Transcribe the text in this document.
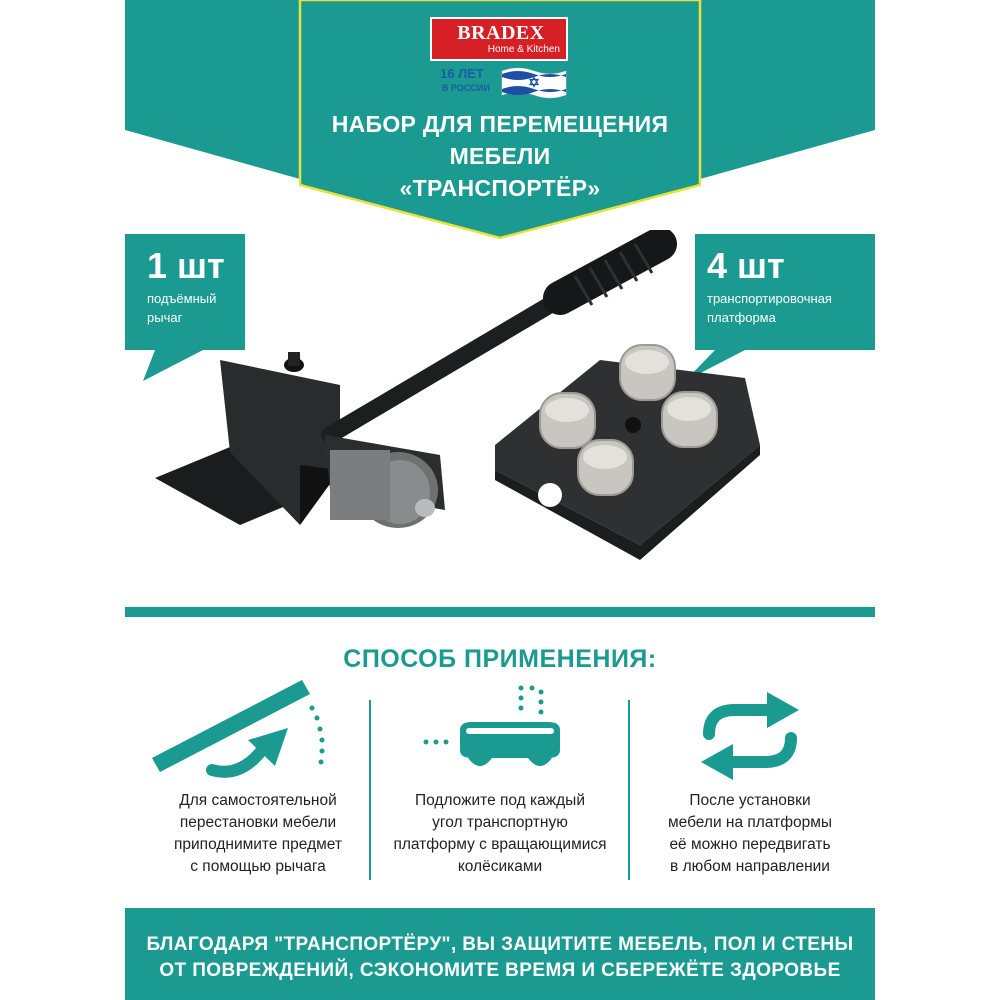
BRADEX
Home & Kitchen
16 ЛЕТ
В РОССИИ
НАБОР ДЛЯ ПЕРЕМЕЩЕНИЯ
МЕБЕЛИ
«ТРАНСПОРТЁР»
1 шт
подъёмный
рычаг
4 шт
транспортировочная
платформа
СПОСОБ ПРИМЕНЕНИЯ:
Для самостоятельной
перестановки мебели
приподнимите предмет
с помощью рычага
Подложите под каждый
угол транспортную
платформу с вращающимися
колёсиками
После установки
мебели на платформы
её можно передвигать
в любом направлении
БЛАГОДАРЯ "ТРАНСПОРТЁРУ", ВЫ ЗАЩИТИТЕ МЕБЕЛЬ, ПОЛ И СТЕНЫ
ОТ ПОВРЕЖДЕНИЙ, СЭКОНОМИТЕ ВРЕМЯ И СБЕРЕЖЁТЕ ЗДОРОВЬЕ
